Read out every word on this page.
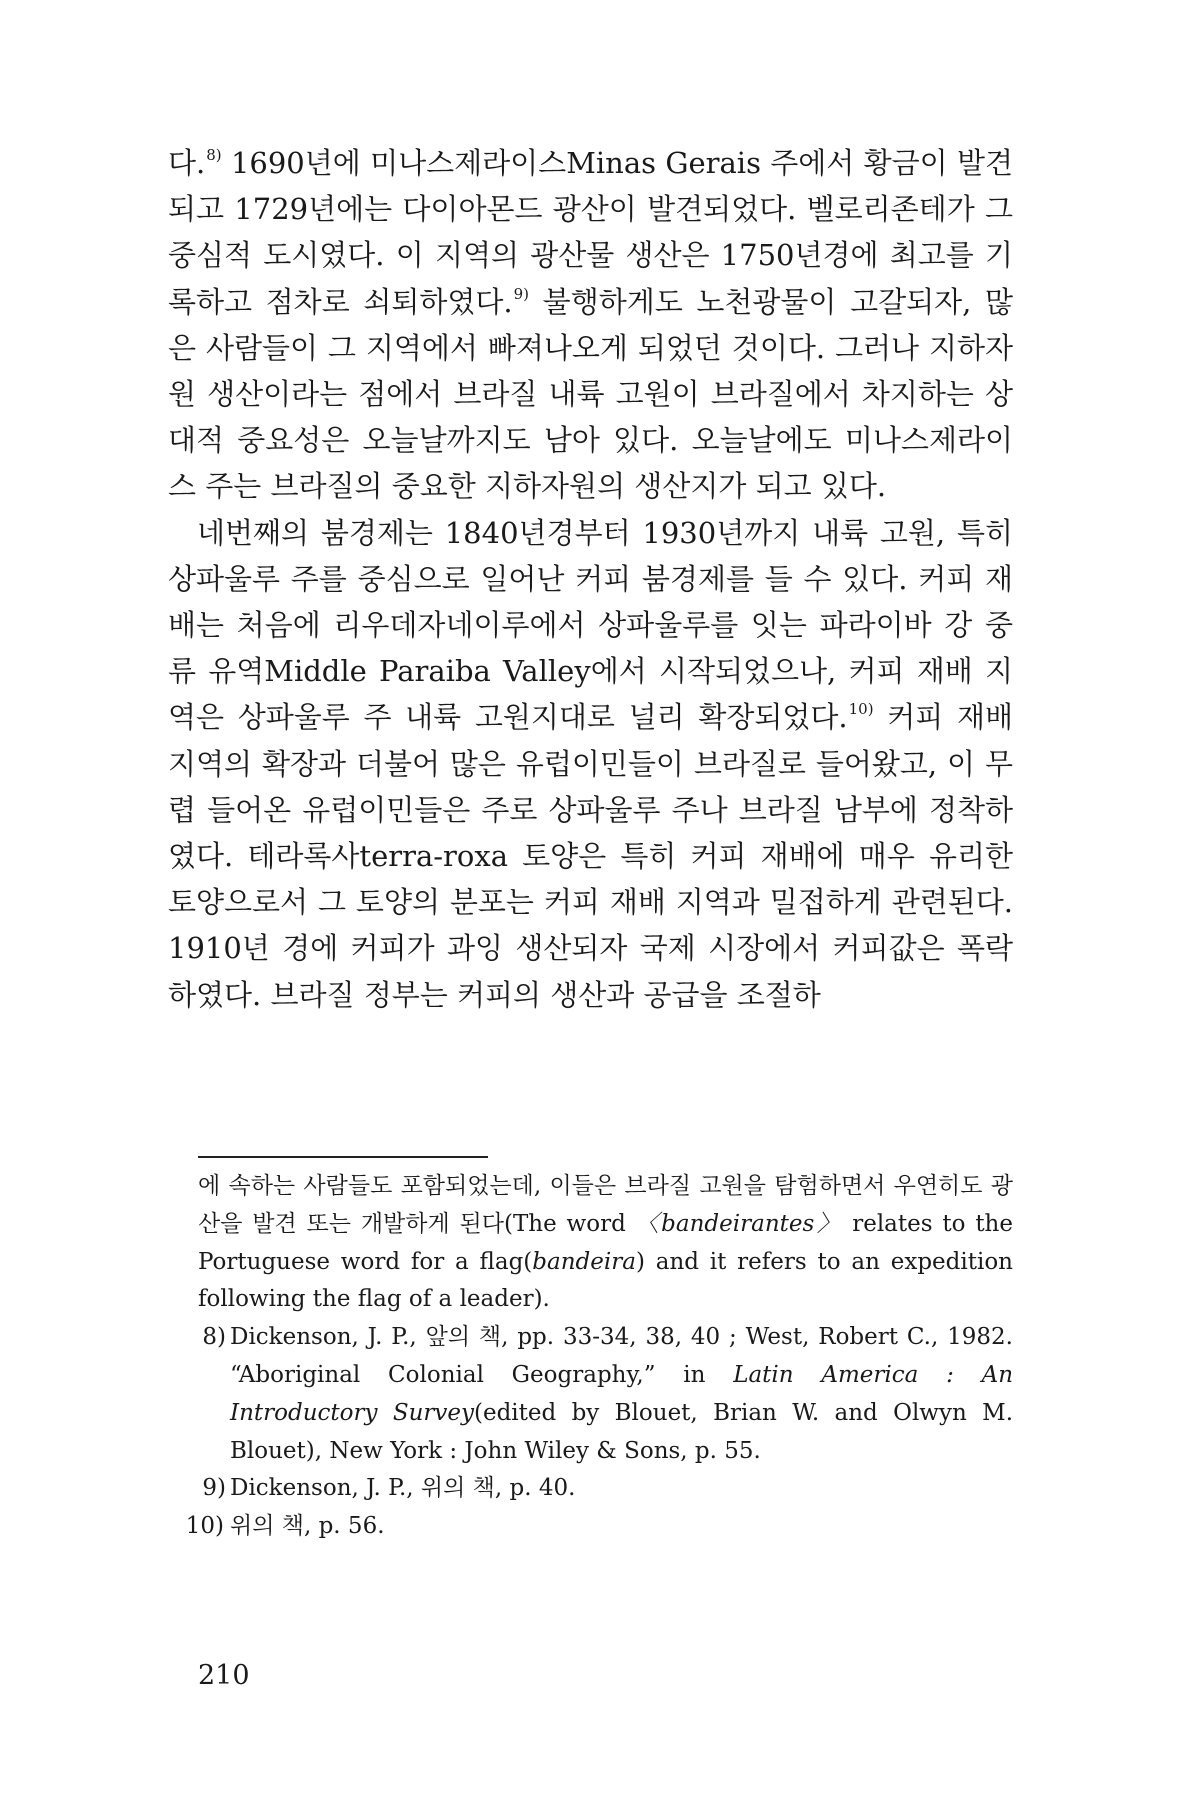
다.$^{8)}$ 1690년에 미나스제라이스Minas Gerais 주에서 황금이 발견되고 1729년에는 다이아몬드 광산이 발견되었다. 벨로리존테가 그 중심적 도시였다. 이 지역의 광산물 생산은 1750년경에 최고를 기록하고 점차로 쇠퇴하였다.$^{9)}$ 불행하게도 노천광물이 고갈되자, 많은 사람들이 그 지역에서 빠져나오게 되었던 것이다. 그러나 지하자원 생산이라는 점에서 브라질 내륙 고원이 브라질에서 차지하는 상대적 중요성은 오늘날까지도 남아 있다. 오늘날에도 미나스제라이스 주는 브라질의 중요한 지하자원의 생산지가 되고 있다.

네번째의 붐경제는 1840년경부터 1930년까지 내륙 고원, 특히 상파울루 주를 중심으로 일어난 커피 붐경제를 들 수 있다. 커피 재배는 처음에 리우데자네이루에서 상파울루를 잇는 파라이바 강 중류 유역Middle Paraiba Valley에서 시작되었으나, 커피 재배 지역은 상파울루 주 내륙 고원지대로 널리 확장되었다.$^{10)}$ 커피 재배 지역의 확장과 더불어 많은 유럽이민들이 브라질로 들어왔고, 이 무렵 들어온 유럽이민들은 주로 상파울루 주나 브라질 남부에 정착하였다. 테라록사terra-roxa 토양은 특히 커피 재배에 매우 유리한 토양으로서 그 토양의 분포는 커피 재배 지역과 밀접하게 관련된다. 1910년 경에 커피가 과잉 생산되자 국제 시장에서 커피값은 폭락하였다. 브라질 정부는 커피의 생산과 공급을 조절하

에 속하는 사람들도 포함되었는데, 이들은 브라질 고원을 탐험하면서 우연히도 광산을 발견 또는 개발하게 된다(The word 〈bandeirantes〉 relates to the Portuguese word for a flag(bandeira) and it refers to an expedition following the flag of a leader).

8) Dickenson, J. P., 앞의 책, pp. 33-34, 38, 40 ; West, Robert C., 1982. “Aboriginal Colonial Geography,” in Latin America : An Introductory Survey(edited by Blouet, Brian W. and Olwyn M. Blouet), New York : John Wiley & Sons, p. 55.

9) Dickenson, J. P., 위의 책, p. 40.

10) 위의 책, p. 56.

210
